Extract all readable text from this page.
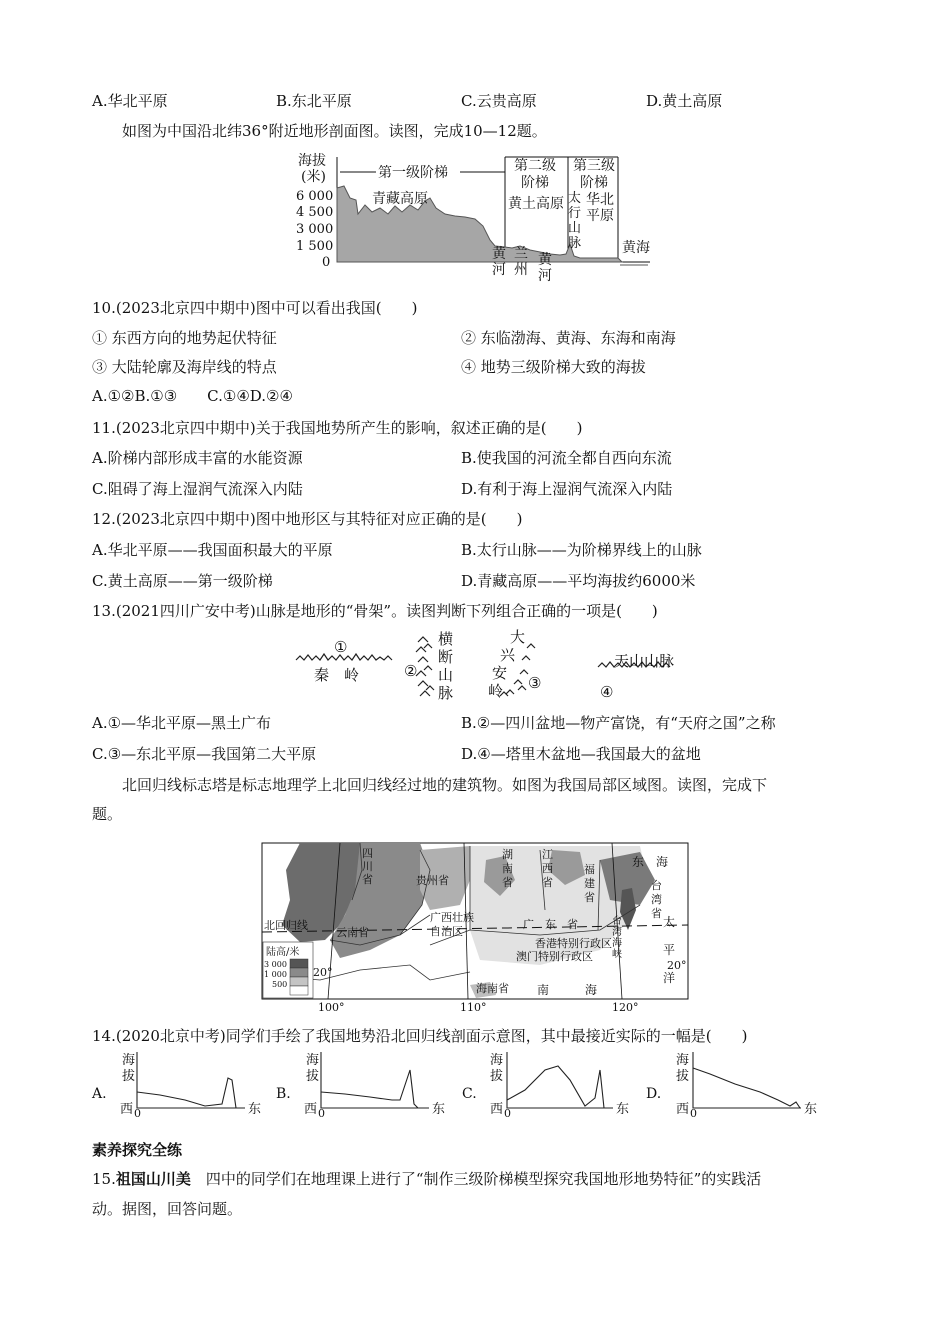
A.华北平原	B.东北平原	C.云贵高原	D.黄土高原
如图为中国沿北纬36°附近地形剖面图。读图，完成10—12题。
海拔
(米)
6 000
4 500
3 000
1 500
0
第一级阶梯	第二级
阶梯
第三级
阶梯
青藏高原	黄土高原 太
行
山
脉
华北
平原
黄
河
兰
州
黄
河
黄海
10.(2023北京四中期中)图中可以看出我国(　　)
① 东西方向的地势起伏特征	② 东临渤海、黄海、东海和南海
③ 大陆轮廓及海岸线的特点	④ 地势三级阶梯大致的海拔
A.①②B.①③　　C.①④D.②④
11.(2023北京四中期中)关于我国地势所产生的影响，叙述正确的是(　　)
A.阶梯内部形成丰富的水能资源	B.使我国的河流全都自西向东流
C.阻碍了海上湿润气流深入内陆	D.有利于海上湿润气流深入内陆
12.(2023北京四中期中)图中地形区与其特征对应正确的是(　　)
A.华北平原——我国面积最大的平原	B.太行山脉——为阶梯界线上的山脉
C.黄土高原——第一级阶梯	D.青藏高原——平均海拔约6000米
13.(2021四川广安中考)山脉是地形的“骨架”。读图判断下列组合正确的一项是(　　)
①
秦　岭
横
断
山
脉
②
大
兴
安
岭 ③
天山山脉
④
A.①—华北平原—黑土广布	B.②—四川盆地—物产富饶，有“天府之国”之称
C.③—东北平原—我国第二大平原	D.④—塔里木盆地—我国最大的盆地
北回归线标志塔是标志地理学上北回归线经过地的建筑物。如图为我国局部区域图。读图，完成下
题。
四
川
省	贵州省
湖
南
省
江
西
省
福
建
省
云南省
广西壮族
自治区
广　东　省
香港特别行政区
澳门特别行政区
海南省
台
湾
省
台
湾
海
峡
东　海
南　　　海
太
平
洋
北回归线
20°
20°
100°	110°	120°
陆高/米
3 000
1 000
500
14.(2020北京中考)同学们手绘了我国地势沿北回归线剖面示意图，其中最接近实际的一幅是(　　)
A.	B.	C.	D.
海
拔
西	东
0
海
拔
西	东
0
海
拔
西	东
0
海
拔
西	东
0
素养探究全练
15.祖国山川美　 四中的同学们在地理课上进行了“制作三级阶梯模型探究我国地形地势特征”的实践活
动。据图，回答问题。
